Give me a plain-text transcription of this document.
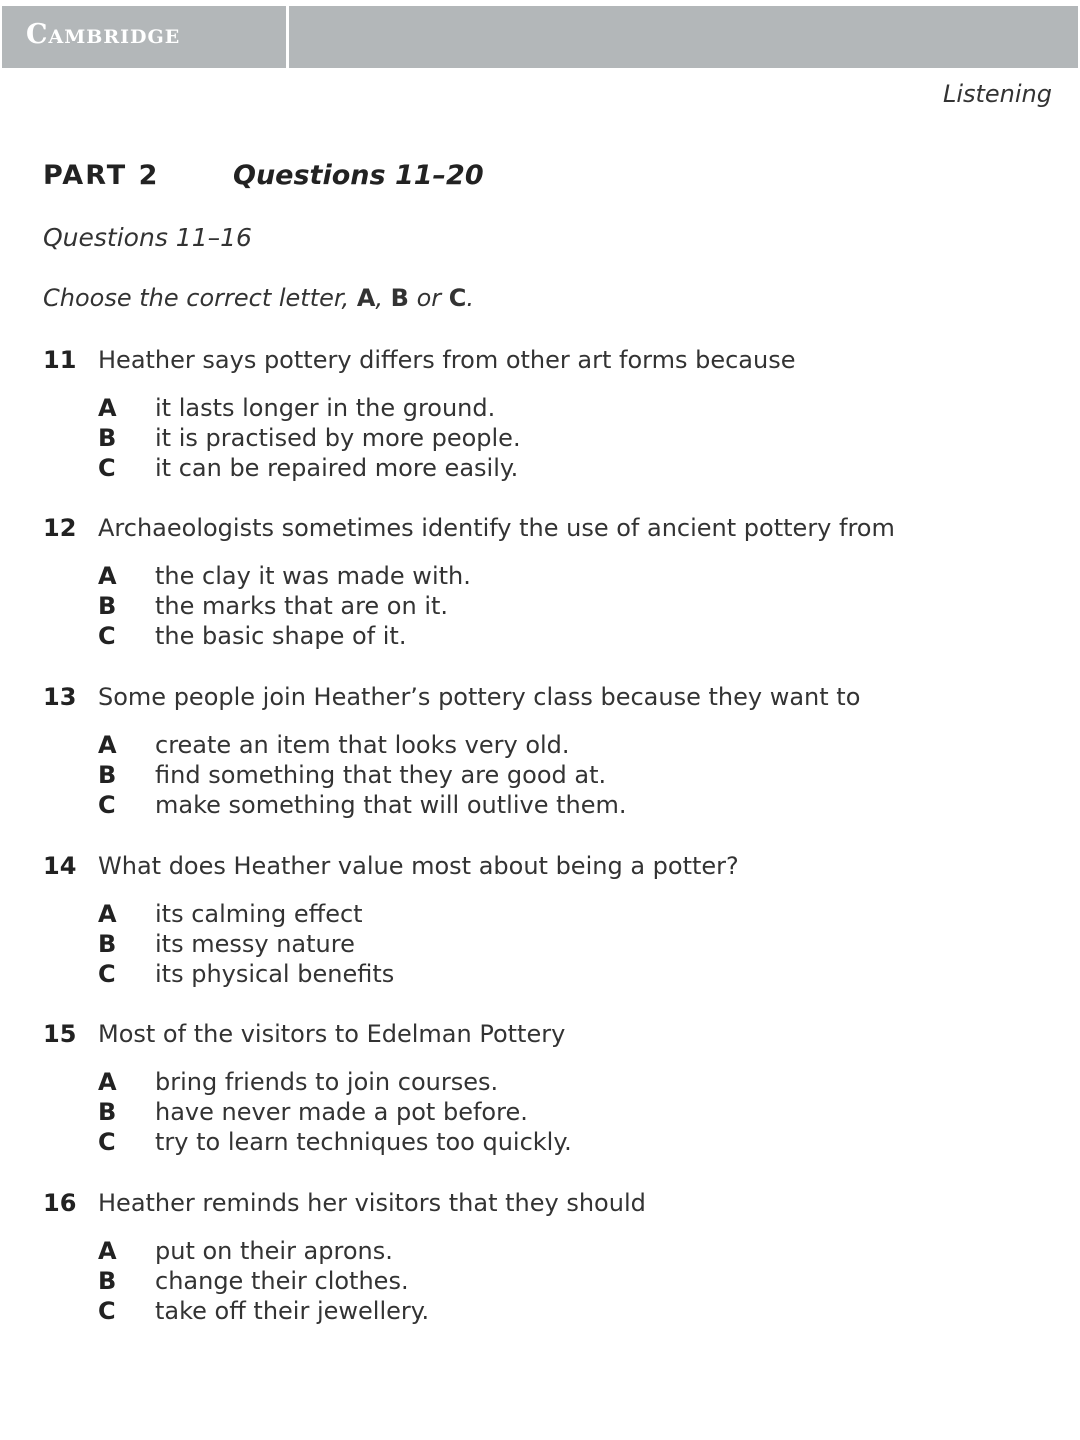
Cambridge
Listening
PART 2	Questions 11–20
Questions 11–16
Choose the correct letter, A, B or C.
11 Heather says pottery differs from other art forms because
A it lasts longer in the ground.
B it is practised by more people.
C it can be repaired more easily.
12 Archaeologists sometimes identify the use of ancient pottery from
A the clay it was made with.
B the marks that are on it.
C the basic shape of it.
13 Some people join Heather’s pottery class because they want to
A create an item that looks very old.
B find something that they are good at.
C make something that will outlive them.
14 What does Heather value most about being a potter?
A its calming effect
B its messy nature
C its physical benefits
15 Most of the visitors to Edelman Pottery
A bring friends to join courses.
B have never made a pot before.
C try to learn techniques too quickly.
16 Heather reminds her visitors that they should
A put on their aprons.
B change their clothes.
C take off their jewellery.
